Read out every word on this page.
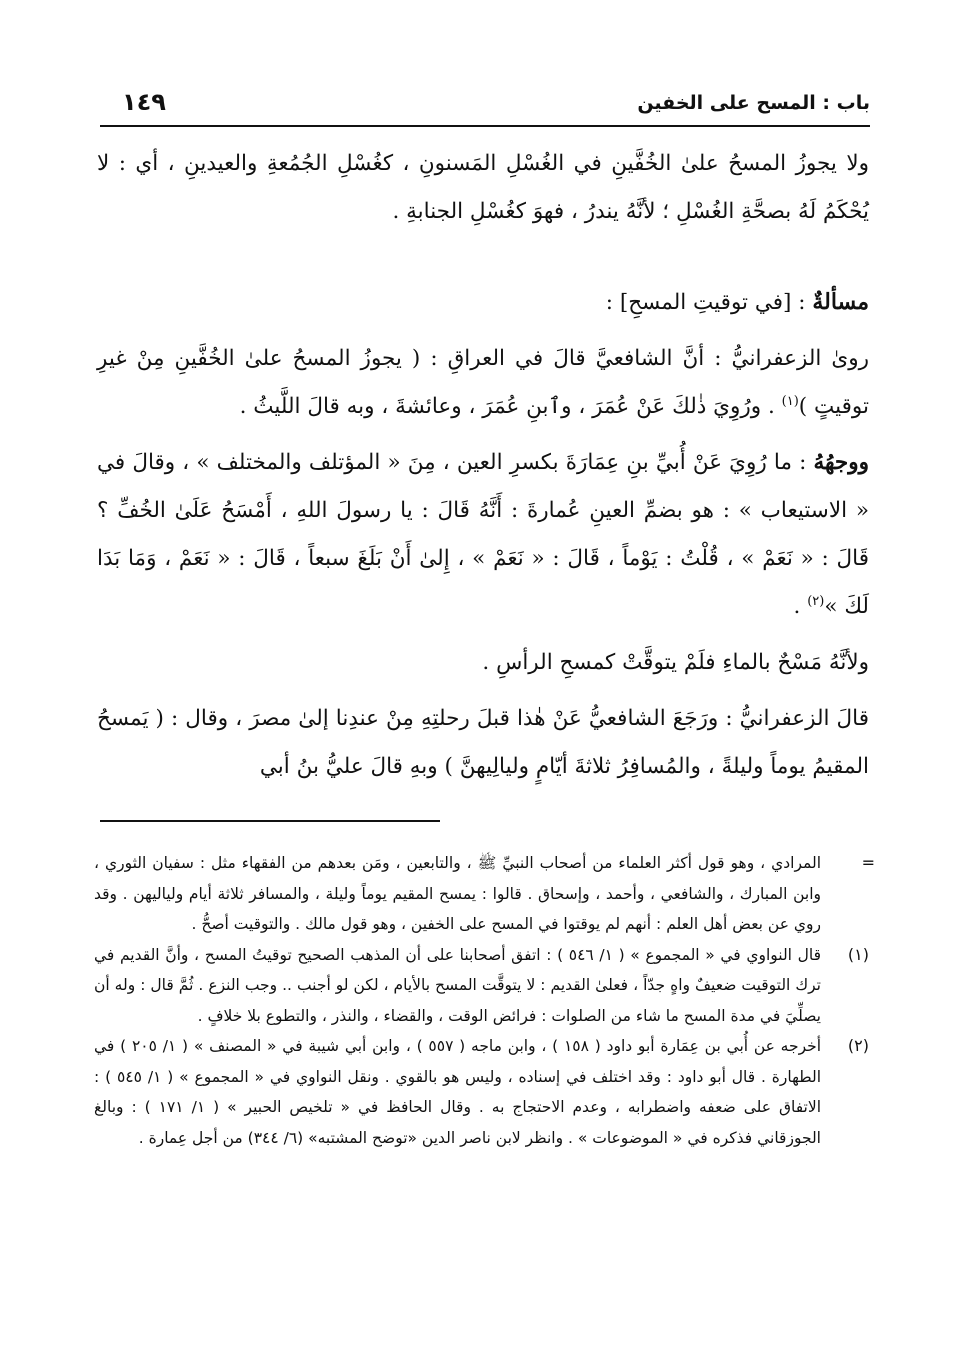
باب : المسح على الخفين
١٤٩

ولا يجوزُ المسحُ علىٰ الخُفَّينِ في الغُسْلِ المَسنونِ ، كغُسْلِ الجُمُعةِ والعيدينِ ، أي : لا يُحْكَمُ لَهُ بصحَّةِ الغُسْلِ ؛ لأنَّهُ يندرُ ، فهوَ كغُسْلِ الجنابةِ .

مسألةٌ : [في توقيتِ المسحِ] :

روىٰ الزعفرانيُّ : أنَّ الشافعيَّ قالَ في العراقِ : ( يجوزُ المسحُ علىٰ الخُفَّينِ مِنْ غيرِ توقيتٍ )$^{(١)}$ . ورُوِيَ ذٰلكَ عَنْ عُمَرَ ، وٱبنِ عُمَرَ ، وعائشةَ ، وبه قالَ اللَّيثُ .

ووجهُهُ : ما رُوِيَ عَنْ أُبيِّ بنِ عِمَارَةَ بكسرِ العين ، مِنَ « المؤتلف والمختلف » ، وقالَ في « الاستيعاب » : هو بضمِّ العينِ عُمارةَ : أَنَّهُ قَالَ : يا رسولَ اللهِ ، أَمْسَحُ عَلَىٰ الخُفِّ ؟ قَالَ : « نَعَمْ » ، قُلْتُ : يَوْماً ، قَالَ : « نَعَمْ » ، إِلىٰ أَنْ بَلَغَ سبعاً ، قَالَ : « نَعَمْ ، وَمَا بَدَا لَكَ »$^{(٢)}$ .

ولأنَّهُ مَسْحٌ بالماءِ فلَمْ يتوقَّتْ كمسحِ الرأسِ .

قالَ الزعفرانيُّ : ورَجَعَ الشافعيُّ عَنْ هٰذا قبلَ رحلتِهِ مِنْ عندِنا إلىٰ مصرَ ، وقال : ( يَمسحُ المقيمُ يوماً وليلةً ، والمُسافِرُ ثلاثةَ أيّامٍ وليالِيهنَّ ) وبهِ قالَ عليُّ بنُ أبي

=
المرادي ، وهو قول أكثر العلماء من أصحاب النبيِّ ﷺ ، والتابعين ، ومَن بعدهم من الفقهاء مثل : سفيان الثوري ، وابن المبارك ، والشافعي ، وأحمد ، وإسحاق . قالوا : يمسح المقيم يوماً وليلة ، والمسافر ثلاثة أيام ولياليهن . وقد روي عن بعض أهل العلم : أنهم لم يوقتوا في المسح على الخفين ، وهو قول مالك . والتوقيت أصحُّ .

(١)
قال النواوي في « المجموع » ( ١/ ٥٤٦ ) : اتفق أصحابنا على أن المذهب الصحيح توقيتُ المسح ، وأنَّ القديم في ترك التوقيت ضعيفٌ واهٍ جدّاً ، فعلىٰ القديم : لا يتوقَّت المسح بالأيام ، لكن لو أجنب .. وجب النزع . ثُمَّ قال : وله أن يصلِّيَ في مدة المسح ما شاء من الصلوات : فرائض الوقت ، والقضاء ، والنذر ، والتطوع بلا خلافٍ .

(٢)
أخرجه عن أُبي بن عِمَارة أبو داود ( ١٥٨ ) ، وابن ماجه ( ٥٥٧ ) ، وابن أبي شيبة في « المصنف » ( ١/ ٢٠٥ ) في الطهارة . قال أبو داود : وقد اختلف في إسناده ، وليس هو بالقوي . ونقل النواوي في « المجموع » ( ١/ ٥٤٥ ) : الاتفاق على ضعفه واضطرابه ، وعدم الاحتجاج به . وقال الحافظ في « تلخيص الحبير » ( ١/ ١٧١ ) : وبالغ الجوزقاني فذكره في « الموضوعات » . وانظر لابن ناصر الدين «توضح المشتبه» (٦/ ٣٤٤) من أجل عِمارة .
